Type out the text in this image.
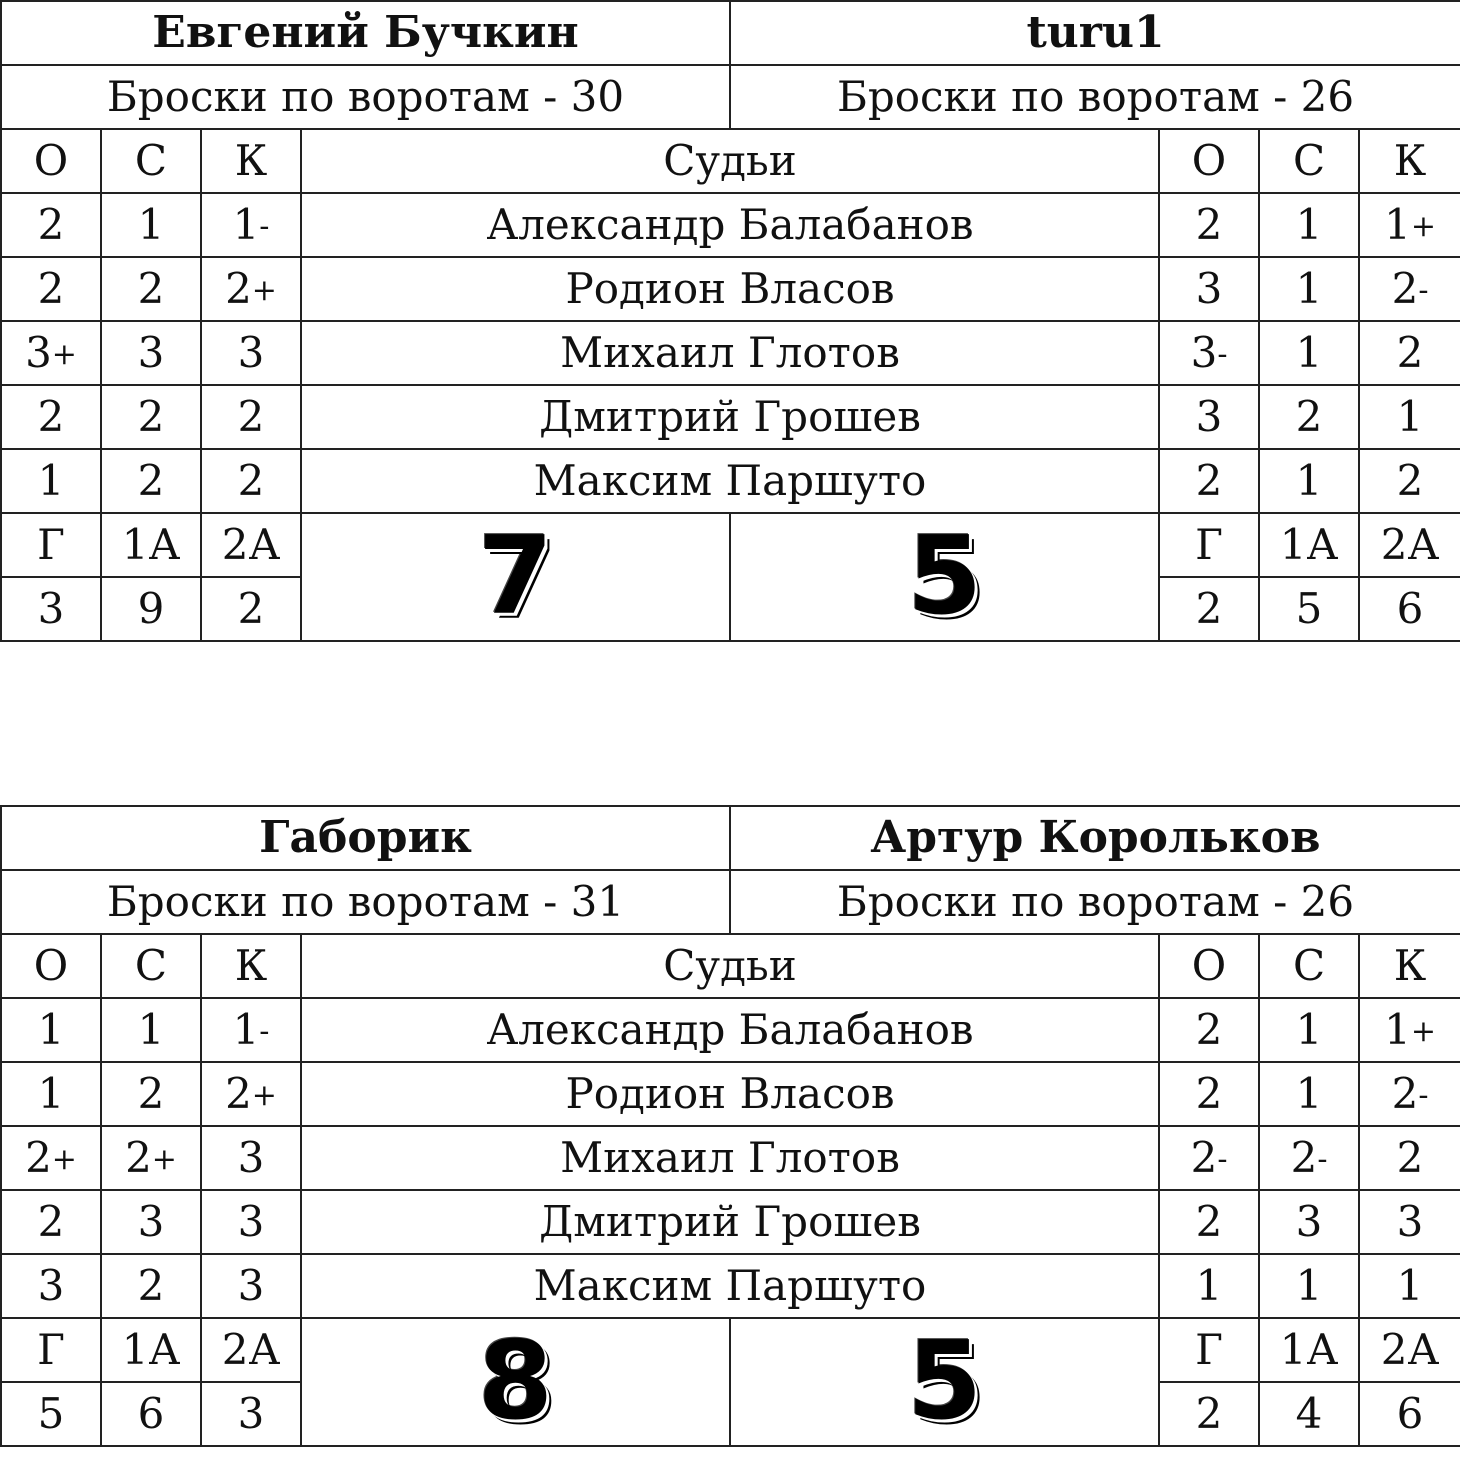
Евгений Бучкин				turu1			
Броски по воротам - 30				Броски по воротам - 26			
О	С	К	Судьи		О	С	К
2	1	1-	Александр Балабанов		2	1	1+
2	2	2+	Родион Власов		3	1	2-
3+	3	3	Михаил Глотов		3-	1	2
2	2	2	Дмитрий Грошев		3	2	1
1	2	2	Максим Паршуто		2	1	2
Г	1А	2А	7	5	Г	1А	2А
3	9	2			2	5	6
Габорик				Артур Корольков			
Броски по воротам - 31				Броски по воротам - 26			
О	С	К	Судьи		О	С	К
1	1	1-	Александр Балабанов		2	1	1+
1	2	2+	Родион Власов		2	1	2-
2+	2+	3	Михаил Глотов		2-	2-	2
2	3	3	Дмитрий Грошев		2	3	3
3	2	3	Максим Паршуто		1	1	1
Г	1А	2А	8	5	Г	1А	2А
5	6	3			2	4	6
